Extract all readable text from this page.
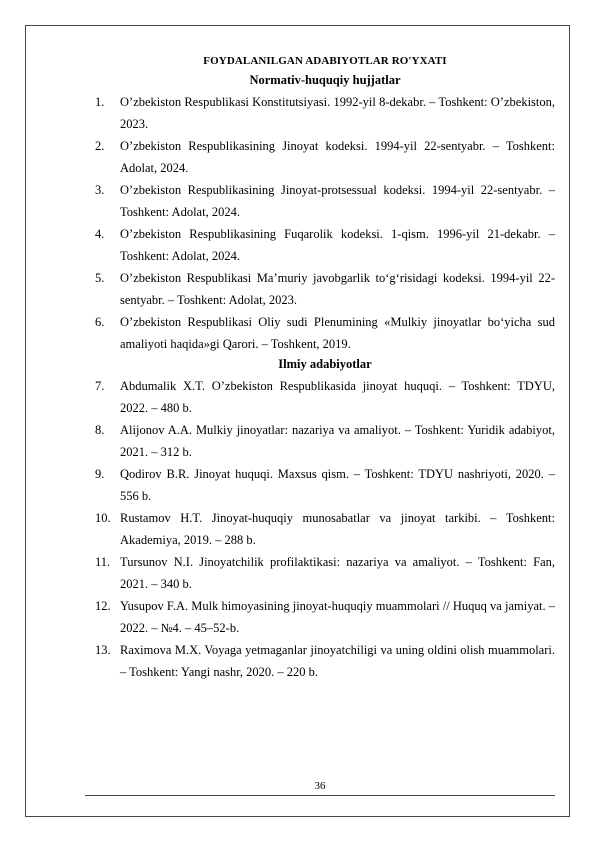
FOYDALANILGAN ADABIYOTLAR RO'YXATI
Normativ-huquqiy hujjatlar
1. O’zbekiston Respublikasi Konstitutsiyasi. 1992-yil 8-dekabr. – Toshkent: O’zbekiston, 2023.
2. O’zbekiston Respublikasining Jinoyat kodeksi. 1994-yil 22-sentyabr. – Toshkent: Adolat, 2024.
3. O’zbekiston Respublikasining Jinoyat-protsessual kodeksi. 1994-yil 22-sentyabr. – Toshkent: Adolat, 2024.
4. O’zbekiston Respublikasining Fuqarolik kodeksi. 1-qism. 1996-yil 21-dekabr. – Toshkent: Adolat, 2024.
5. O’zbekiston Respublikasi Ma’muriy javobgarlik to‘g‘risidagi kodeksi. 1994-yil 22-sentyabr. – Toshkent: Adolat, 2023.
6. O’zbekiston Respublikasi Oliy sudi Plenumining «Mulkiy jinoyatlar bo‘yicha sud amaliyoti haqida»gi Qarori. – Toshkent, 2019.
Ilmiy adabiyotlar
7. Abdumalik X.T. O’zbekiston Respublikasida jinoyat huquqi. – Toshkent: TDYU, 2022. – 480 b.
8. Alijonov A.A. Mulkiy jinoyatlar: nazariya va amaliyot. – Toshkent: Yuridik adabiyot, 2021. – 312 b.
9. Qodirov B.R. Jinoyat huquqi. Maxsus qism. – Toshkent: TDYU nashriyoti, 2020. – 556 b.
10. Rustamov H.T. Jinoyat-huquqiy munosabatlar va jinoyat tarkibi. – Toshkent: Akademiya, 2019. – 288 b.
11. Tursunov N.I. Jinoyatchilik profilaktikasi: nazariya va amaliyot. – Toshkent: Fan, 2021. – 340 b.
12. Yusupov F.A. Mulk himoyasining jinoyat-huquqiy muammolari // Huquq va jamiyat. – 2022. – №4. – 45–52-b.
13. Raximova M.X. Voyaga yetmaganlar jinoyatchiligi va uning oldini olish muammolari. – Toshkent: Yangi nashr, 2020. – 220 b.
36
